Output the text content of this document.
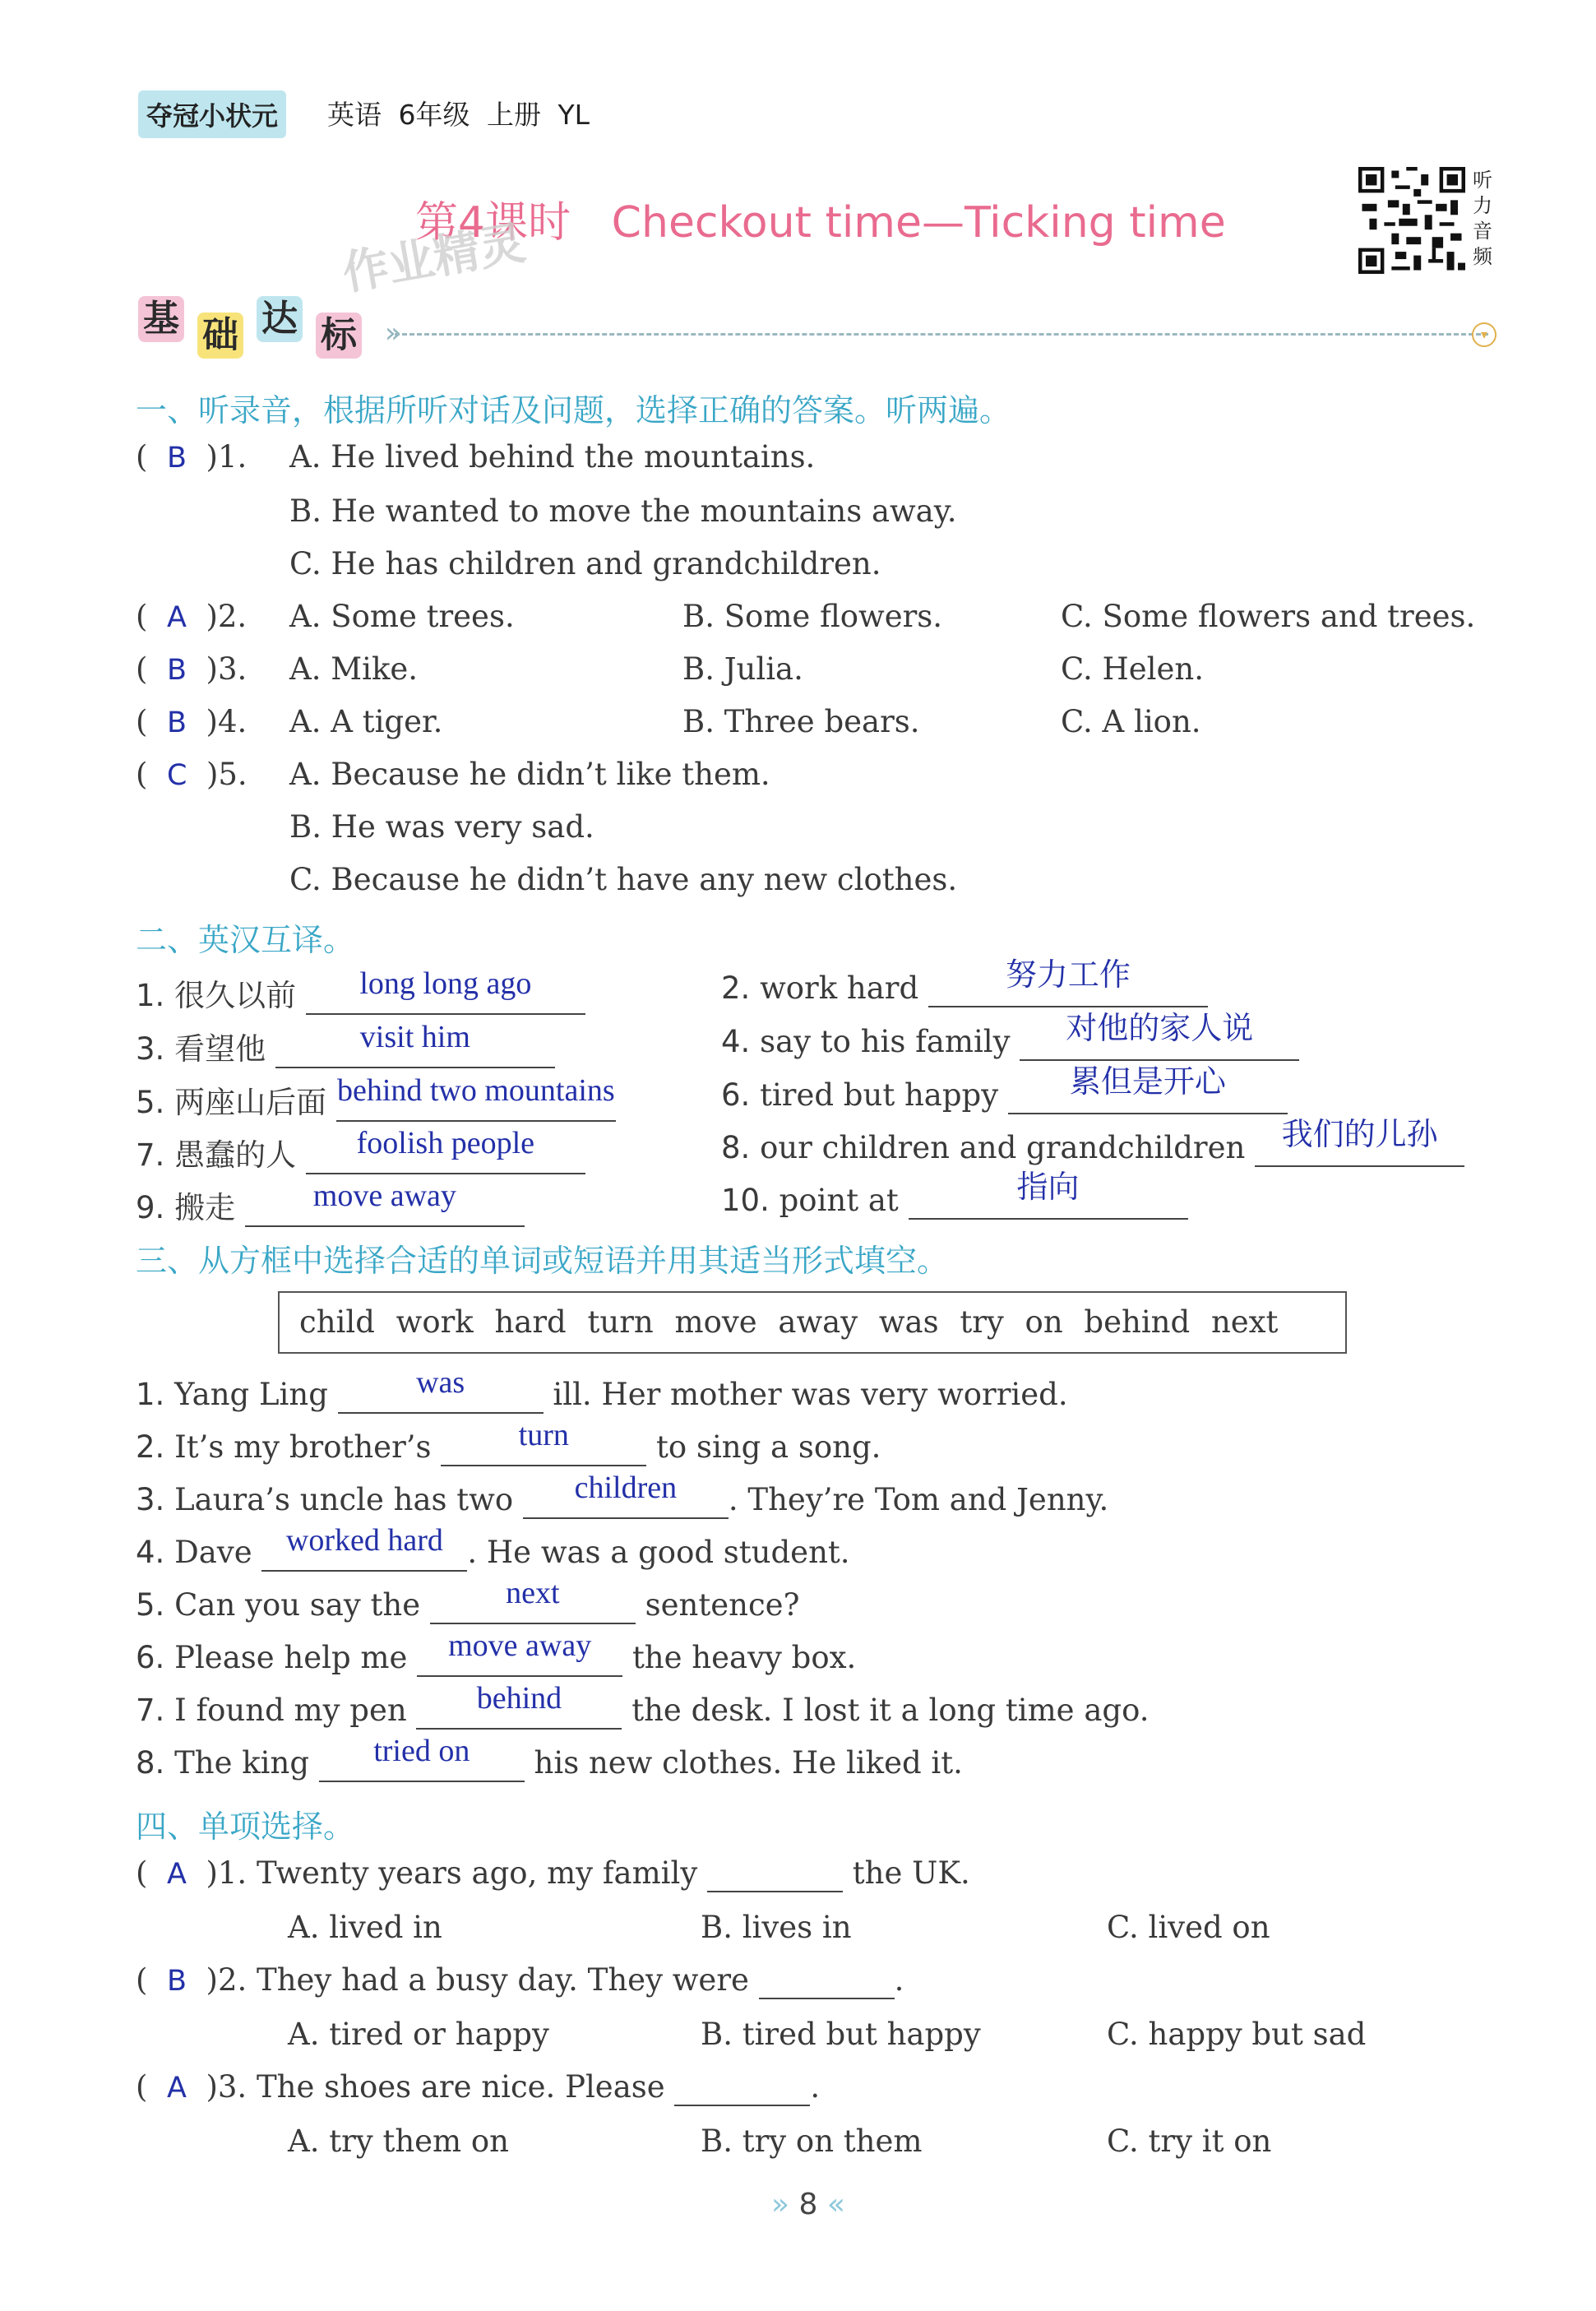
夺冠小状元	英语 6年级 上册 YL
第4课时   Checkout time—Ticking time
作业精灵
听
力
音
频
基 础 达 标 »	▾
一、听录音，根据所听对话及问题，选择正确的答案。听两遍。
(  B )1. A. He lived behind the mountains.
B. He wanted to move the mountains away.
C. He has children and grandchildren.
(  A )2. A. Some trees.	B. Some flowers.	C. Some flowers and trees.
(  B )3. A. Mike.	B. Julia.	C. Helen.
(  B )4. A. A tiger.	B. Three bears.	C. A lion.
(  C )5. A. Because he didn’t like them.
B. He was very sad.
C. Because he didn’t have any new clothes.
二、英汉互译。
1. 很久以前	long long ago	2. work hard	努力工作
3. 看望他	visit him	4. say to his family	对他的家人说
5. 两座山后面 behind two mountains	6. tired but happy	累但是开心
7. 愚蠢的人	foolish people	8. our children and grandchildren	我们的儿孙
9. 搬走	move away	10. point at	指向
三、从方框中选择合适的单词或短语并用其适当形式填空。
child work hard turn move away was try on behind next
1. Yang Ling	was	ill. Her mother was very worried.
2. It’s my brother’s	turn	to sing a song.
3. Laura’s uncle has two	children	. They’re Tom and Jenny.
4. Dave	worked hard . He was a good student.
5. Can you say the	next	sentence?
6. Please help me	move away	the heavy box.
7. I found my pen	behind	the desk. I lost it a long time ago.
8. The king	tried on	his new clothes. He liked it.
四、单项选择。
(  A )1. Twenty years ago, my family	the UK.
A. lived in	B. lives in	C. lived on
(  B )2. They had a busy day. They were	.
A. tired or happy	B. tired but happy	C. happy but sad
(  A )3. The shoes are nice. Please	.
A. try them on	B. try on them	C. try it on
» 8 «
